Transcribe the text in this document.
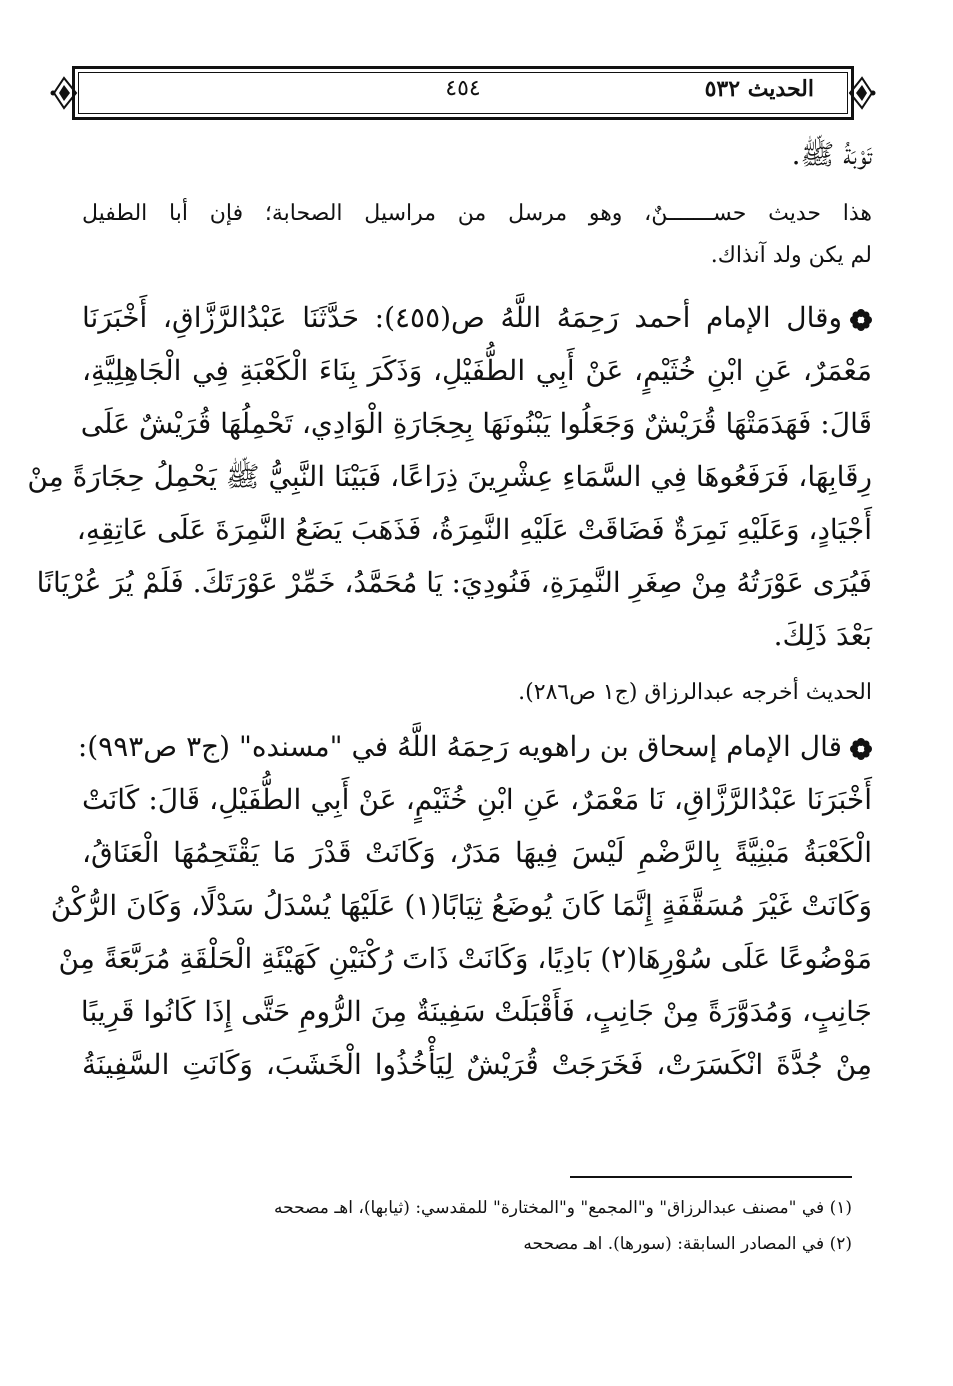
الحديث ٥٣٢
٤٥٤

تَوْبَةُ ﷺ.

هذا حديث حســـــــنٌ، وهو مرسل من مراسيل الصحابة؛ فإن أبا الطفيل

لم يكن ولد آنذاك.

وقال الإمام أحمد رَحِمَهُ اللَّهُ ص(٤٥٥): حَدَّثَنَا عَبْدُالرَّزَّاقِ، أَخْبَرَنَا

مَعْمَرٌ، عَنِ ابْنِ خُثَيْمٍ، عَنْ أَبِي الطُّفَيْلِ، وَذَكَرَ بِنَاءَ الْكَعْبَةِ فِي الْجَاهِلِيَّةِ،

قَالَ: فَهَدَمَتْهَا قُرَيْشٌ وَجَعَلُوا يَبْنُونَهَا بِحِجَارَةِ الْوَادِي، تَحْمِلُهَا قُرَيْشٌ عَلَى

رِقَابِهَا، فَرَفَعُوهَا فِي السَّمَاءِ عِشْرِينَ ذِرَاعًا، فَبَيْنَا النَّبِيُّ ﷺ يَحْمِلُ حِجَارَةً مِنْ

أَجْيَادٍ، وَعَلَيْهِ نَمِرَةٌ فَضَاقَتْ عَلَيْهِ النَّمِرَةُ، فَذَهَبَ يَضَعُ النَّمِرَةَ عَلَى عَاتِقِهِ،

فَيُرَى عَوْرَتُهُ مِنْ صِغَرِ النَّمِرَةِ، فَنُودِيَ: يَا مُحَمَّدُ، خَمِّرْ عَوْرَتَكَ. فَلَمْ يُرَ عُرْيَانًا

بَعْدَ ذَلِكَ.

الحديث أخرجه عبدالرزاق (ج١ ص٢٨٦).

قال الإمام إسحاق بن راهويه رَحِمَهُ اللَّهُ في "مسنده" (ج٣ ص٩٩٣):

أَخْبَرَنَا عَبْدُالرَّزَّاقِ، نَا مَعْمَرٌ، عَنِ ابْنِ خُثَيْمٍ، عَنْ أَبِي الطُّفَيْلِ، قَالَ: كَانَتْ

الْكَعْبَةُ مَبْنِيَّةً بِالرَّضْمِ لَيْسَ فِيهَا مَدَرٌ، وَكَانَتْ قَدْرَ مَا يَقْتَحِمُهَا الْعَنَاقُ،

وَكَانَتْ غَيْرَ مُسَقَّفَةٍ إِنَّمَا كَانَ يُوضَعُ ثِيَابًا(١) عَلَيْهَا يُسْدَلُ سَدْلًا، وَكَانَ الرُّكْنُ

مَوْضُوعًا عَلَى سُوْرِهَا(٢) بَادِيًا، وَكَانَتْ ذَاتَ رُكْنَيْنِ كَهَيْئَةِ الْحَلْقَةِ مُرَبَّعَةً مِنْ

جَانِبٍ، وَمُدَوَّرَةً مِنْ جَانِبٍ، فَأَقْبَلَتْ سَفِينَةٌ مِنَ الرُّومِ حَتَّى إِذَا كَانُوا قَرِيبًا

مِنْ جُدَّةَ انْكَسَرَتْ، فَخَرَجَتْ قُرَيْشٌ لِيَأْخُذُوا الْخَشَبَ، وَكَانَتِ السَّفِينَةُ

(١) في "مصنف عبدالرزاق" و"المجمع" و"المختارة" للمقدسي: (ثيابها)، اهـ مصححه

(٢) في المصادر السابقة: (سورها). اهـ مصححه
